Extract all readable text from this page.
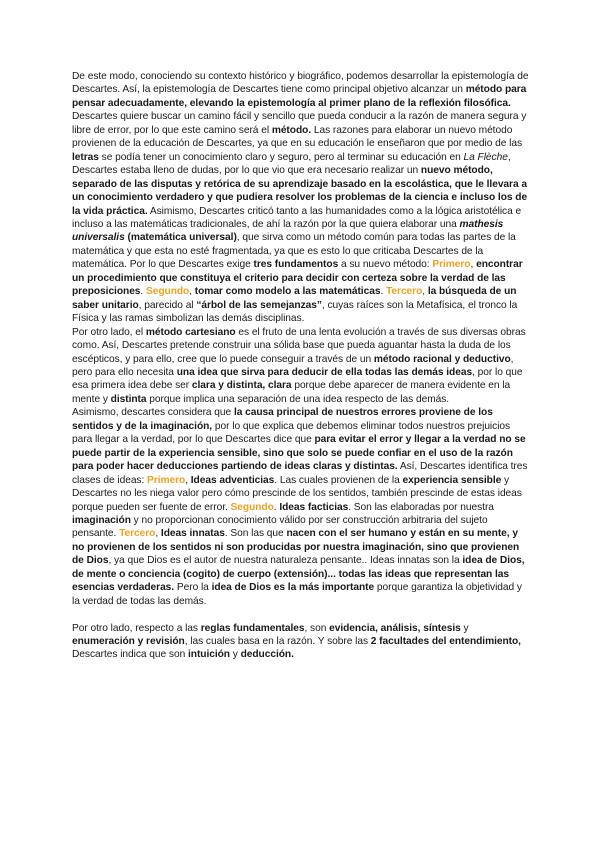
De este modo, conociendo su contexto histórico y biográfico, podemos desarrollar la epistemología de Descartes. Así, la epistemología de Descartes tiene como principal objetivo alcanzar un método para pensar adecuadamente, elevando la epistemología al primer plano de la reflexión filosófica. Descartes quiere buscar un camino fácil y sencillo que pueda conducir a la razón de manera segura y libre de error, por lo que este camino será el método. Las razones para elaborar un nuevo método provienen de la educación de Descartes, ya que en su educación le enseñaron que por medio de las letras se podía tener un conocimiento claro y seguro, pero al terminar su educación en La Flèche, Descartes estaba lleno de dudas, por lo que vio que era necesario realizar un nuevo método, separado de las disputas y retórica de su aprendizaje basado en la escolástica, que le llevara a un conocimiento verdadero y que pudiera resolver los problemas de la ciencia e incluso los de la vida práctica. Asimismo, Descartes criticó tanto a las humanidades como a la lógica aristotélica e incluso a las matemáticas tradicionales, de ahí la razón por la que quiera elaborar una mathesis universalis (matemática universal), que sirva como un método común para todas las partes de la matemática y que esta no esté fragmentada, ya que es esto lo que criticaba Descartes de la matemática. Por lo que Descartes exige tres fundamentos a su nuevo método: Primero, encontrar un procedimiento que constituya el criterio para decidir con certeza sobre la verdad de las preposiciones. Segundo, tomar como modelo a las matemáticas. Tercero, la búsqueda de un saber unitario, parecido al “árbol de las semejanzas”, cuyas raíces son la Metafísica, el tronco la Física y las ramas simbolizan las demás disciplinas.

Por otro lado, el método cartesiano es el fruto de una lenta evolución a través de sus diversas obras como. Así, Descartes pretende construir una sólida base que pueda aguantar hasta la duda de los escépticos, y para ello, cree que lo puede conseguir a través de un método racional y deductivo, pero para ello necesita una idea que sirva para deducir de ella todas las demás ideas, por lo que esa primera idea debe ser clara y distinta, clara porque debe aparecer de manera evidente en la mente y distinta porque implica una separación de una idea respecto de las demás.

Asimismo, descartes considera que la causa principal de nuestros errores proviene de los sentidos y de la imaginación, por lo que explica que debemos eliminar todos nuestros prejuicios para llegar a la verdad, por lo que Descartes dice que para evitar el error y llegar a la verdad no se puede partir de la experiencia sensible, sino que solo se puede confiar en el uso de la razón para poder hacer deducciones partiendo de ideas claras y distintas. Así, Descartes identifica tres clases de ideas: Primero, Ideas adventicias. Las cuales provienen de la experiencia sensible y Descartes no les niega valor pero cómo prescinde de los sentidos, también prescinde de estas ideas porque pueden ser fuente de error. Segundo. Ideas facticias. Son las elaboradas por nuestra imaginación y no proporcionan conocimiento válido por ser construcción arbitraria del sujeto pensante. Tercero, Ideas innatas. Son las que nacen con el ser humano y están en su mente, y no provienen de los sentidos ni son producidas por nuestra imaginación, sino que provienen de Dios, ya que Dios es el autor de nuestra naturaleza pensante.. Ideas innatas son la idea de Dios, de mente o conciencia (cogito) de cuerpo (extensión)... todas las ideas que representan las esencias verdaderas. Pero la idea de Dios es la más importante porque garantiza la objetividad y la verdad de todas las demás.

Por otro lado, respecto a las reglas fundamentales, son evidencia, análisis, síntesis y enumeración y revisión, las cuales basa en la razón. Y sobre las 2 facultades del entendimiento, Descartes indica que son intuición y deducción.
